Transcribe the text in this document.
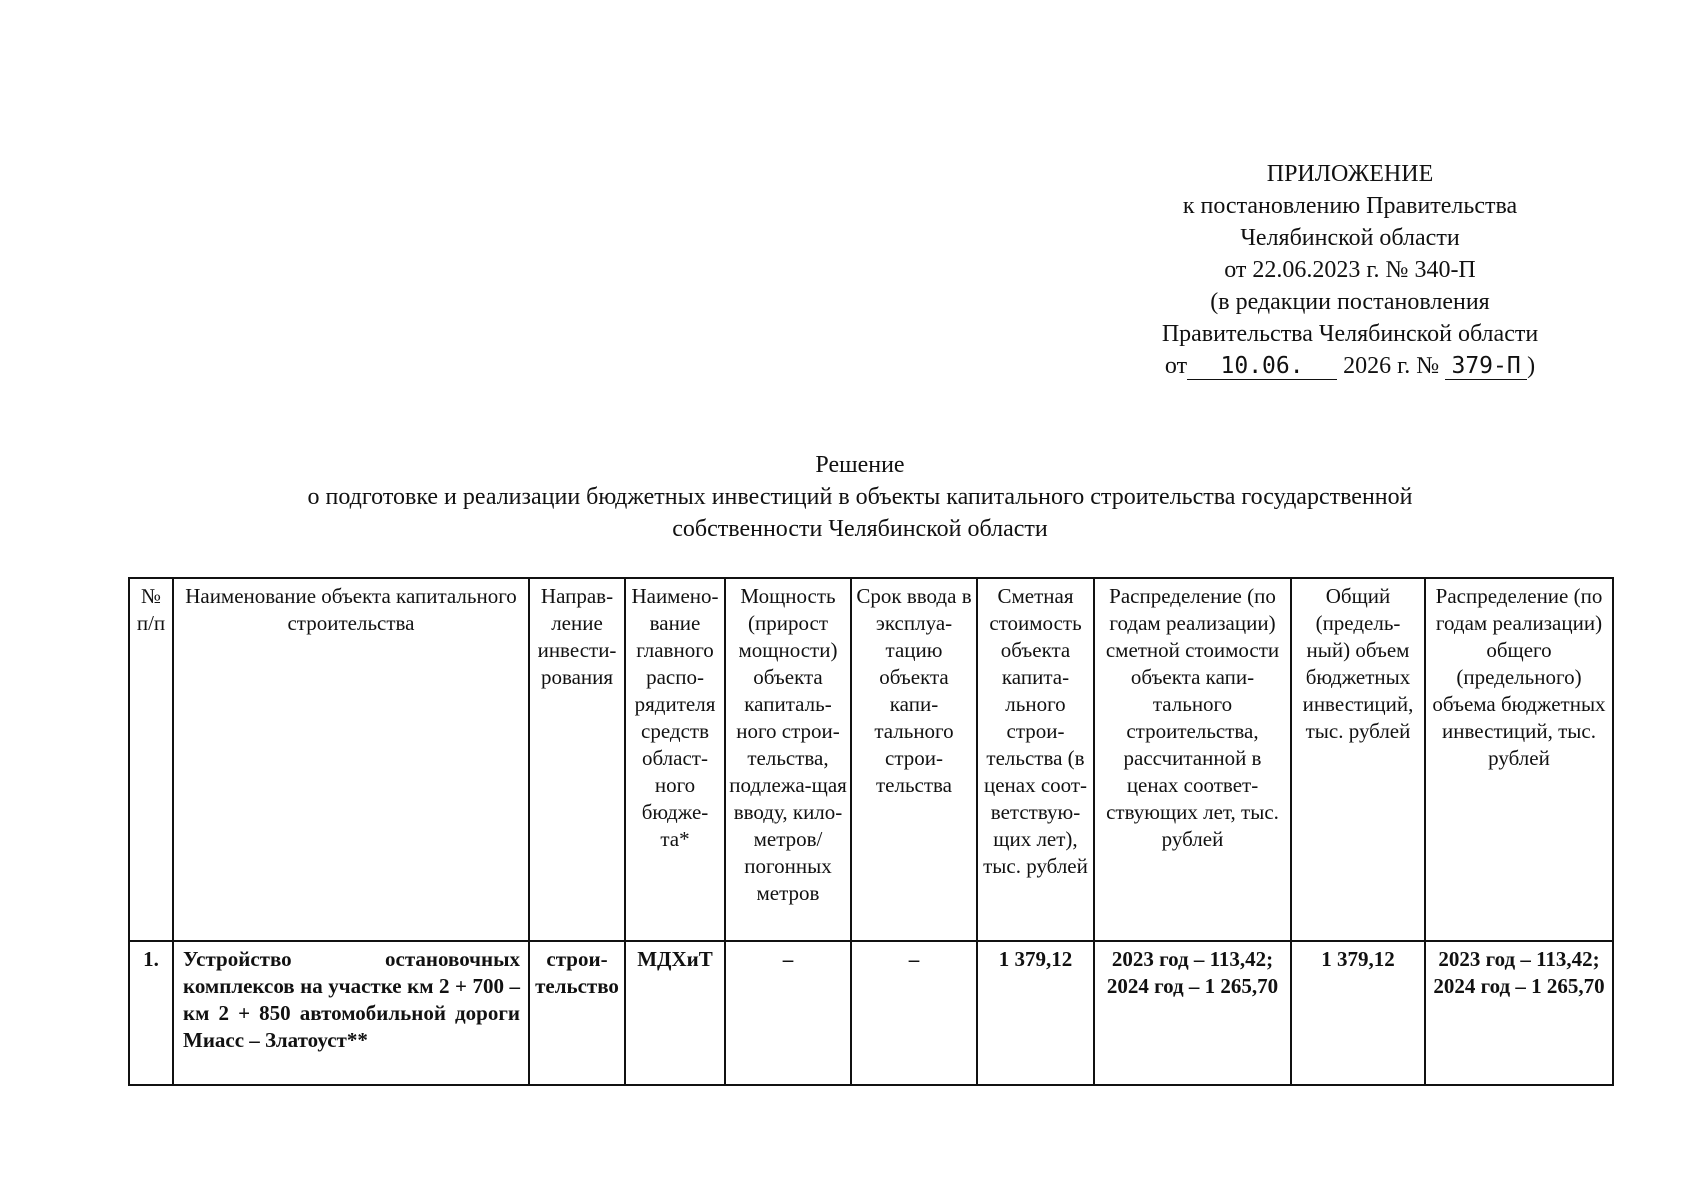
ПРИЛОЖЕНИЕ
к постановлению Правительства
Челябинской области
от 22.06.2023 г. № 340-П
(в редакции постановления
Правительства Челябинской области
от 10.06. 2026 г. № 379-П )
Решение
о подготовке и реализации бюджетных инвестиций в объекты капитального строительства государственной
собственности Челябинской области
№ п/п	Наименование объекта капитального строительства	Направ-ление инвести-рования	Наимено-вание главного распо-рядителя средств област-ного бюдже-та*	Мощность (прирост мощности) объекта капиталь-ного строи-тельства, подлежа-щая вводу, кило-метров/ погонных метров	Срок ввода в эксплуа-тацию объекта капи-тального строи-тельства	Сметная стоимость объекта капита-льного строи-тельства (в ценах соот-ветствую-щих лет), тыс. рублей	Распределение (по годам реализации) сметной стоимости объекта капи-тального строительства, рассчитанной в ценах соответ-ствующих лет, тыс. рублей	Общий (предель-ный) объем бюджетных инвестиций, тыс. рублей	Распределение (по годам реализации) общего (предельного) объема бюджетных инвестиций, тыс. рублей
1.	Устройство остановочных комплексов на участке км 2 + 700 – км 2 + 850 автомобильной дороги Миасс – Златоуст**	строи-тельство	МДХиТ	–	–	1 379,12	2023 год – 113,42; 2024 год – 1 265,70	1 379,12	2023 год – 113,42; 2024 год – 1 265,70
